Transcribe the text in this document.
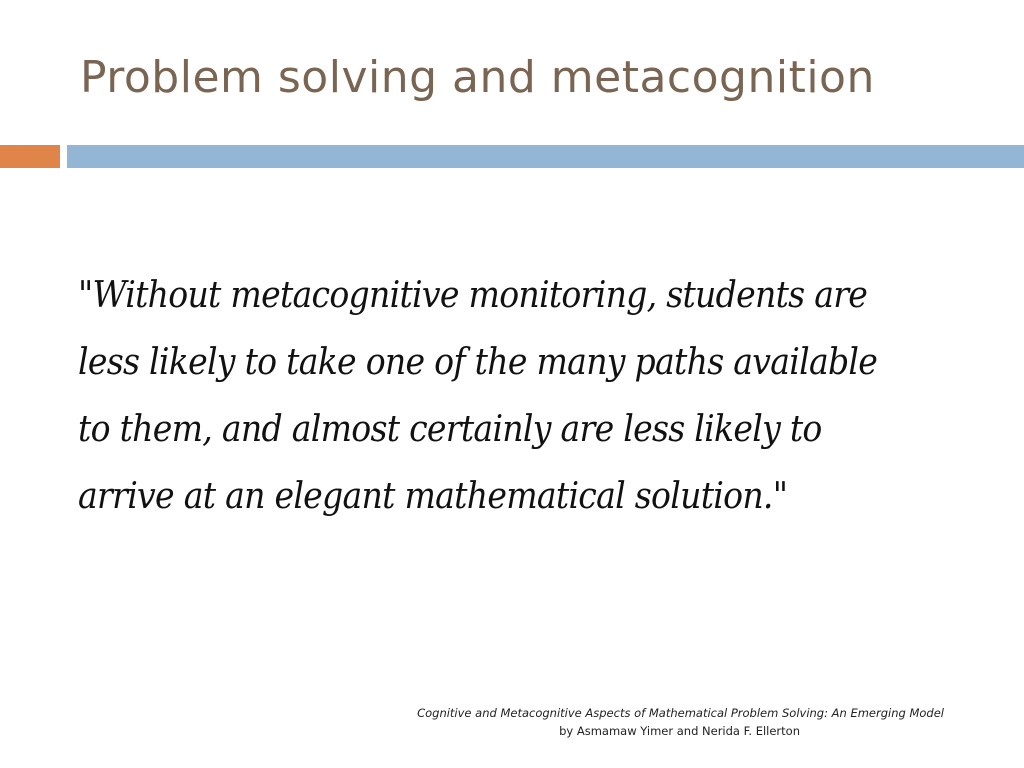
Problem solving and metacognition
"Without metacognitive monitoring, students are
less likely to take one of the many paths available
to them, and almost certainly are less likely to
arrive at an elegant mathematical solution."
Cognitive and Metacognitive Aspects of Mathematical Problem Solving: An Emerging Model
by Asmamaw Yimer and Nerida F. Ellerton
